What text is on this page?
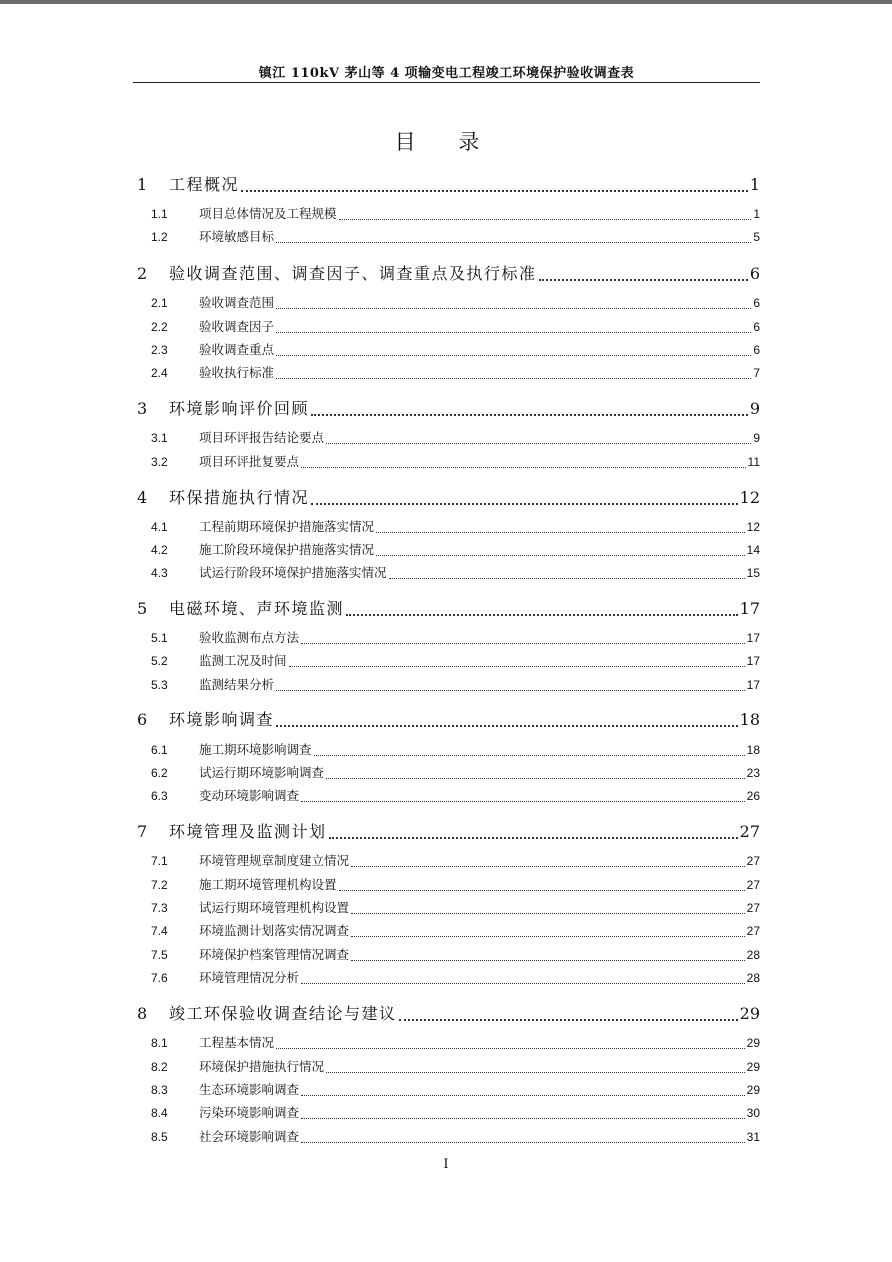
镇江 110kV 茅山等 4 项输变电工程竣工环境保护验收调查表
目 录
1	工程概况	1
1.1	项目总体情况及工程规模	1
1.2	环境敏感目标	5
2	验收调查范围、调查因子、调查重点及执行标准	6
2.1	验收调查范围	6
2.2	验收调查因子	6
2.3	验收调查重点	6
2.4	验收执行标准	7
3	环境影响评价回顾	9
3.1	项目环评报告结论要点	9
3.2	项目环评批复要点	11
4	环保措施执行情况	12
4.1	工程前期环境保护措施落实情况	12
4.2	施工阶段环境保护措施落实情况	14
4.3	试运行阶段环境保护措施落实情况	15
5	电磁环境、声环境监测	17
5.1	验收监测布点方法	17
5.2	监测工况及时间	17
5.3	监测结果分析	17
6	环境影响调查	18
6.1	施工期环境影响调查	18
6.2	试运行期环境影响调查	23
6.3	变动环境影响调查	26
7	环境管理及监测计划	27
7.1	环境管理规章制度建立情况	27
7.2	施工期环境管理机构设置	27
7.3	试运行期环境管理机构设置	27
7.4	环境监测计划落实情况调查	27
7.5	环境保护档案管理情况调查	28
7.6	环境管理情况分析	28
8	竣工环保验收调查结论与建议	29
8.1	工程基本情况	29
8.2	环境保护措施执行情况	29
8.3	生态环境影响调查	29
8.4	污染环境影响调查	30
8.5	社会环境影响调查	31
I
